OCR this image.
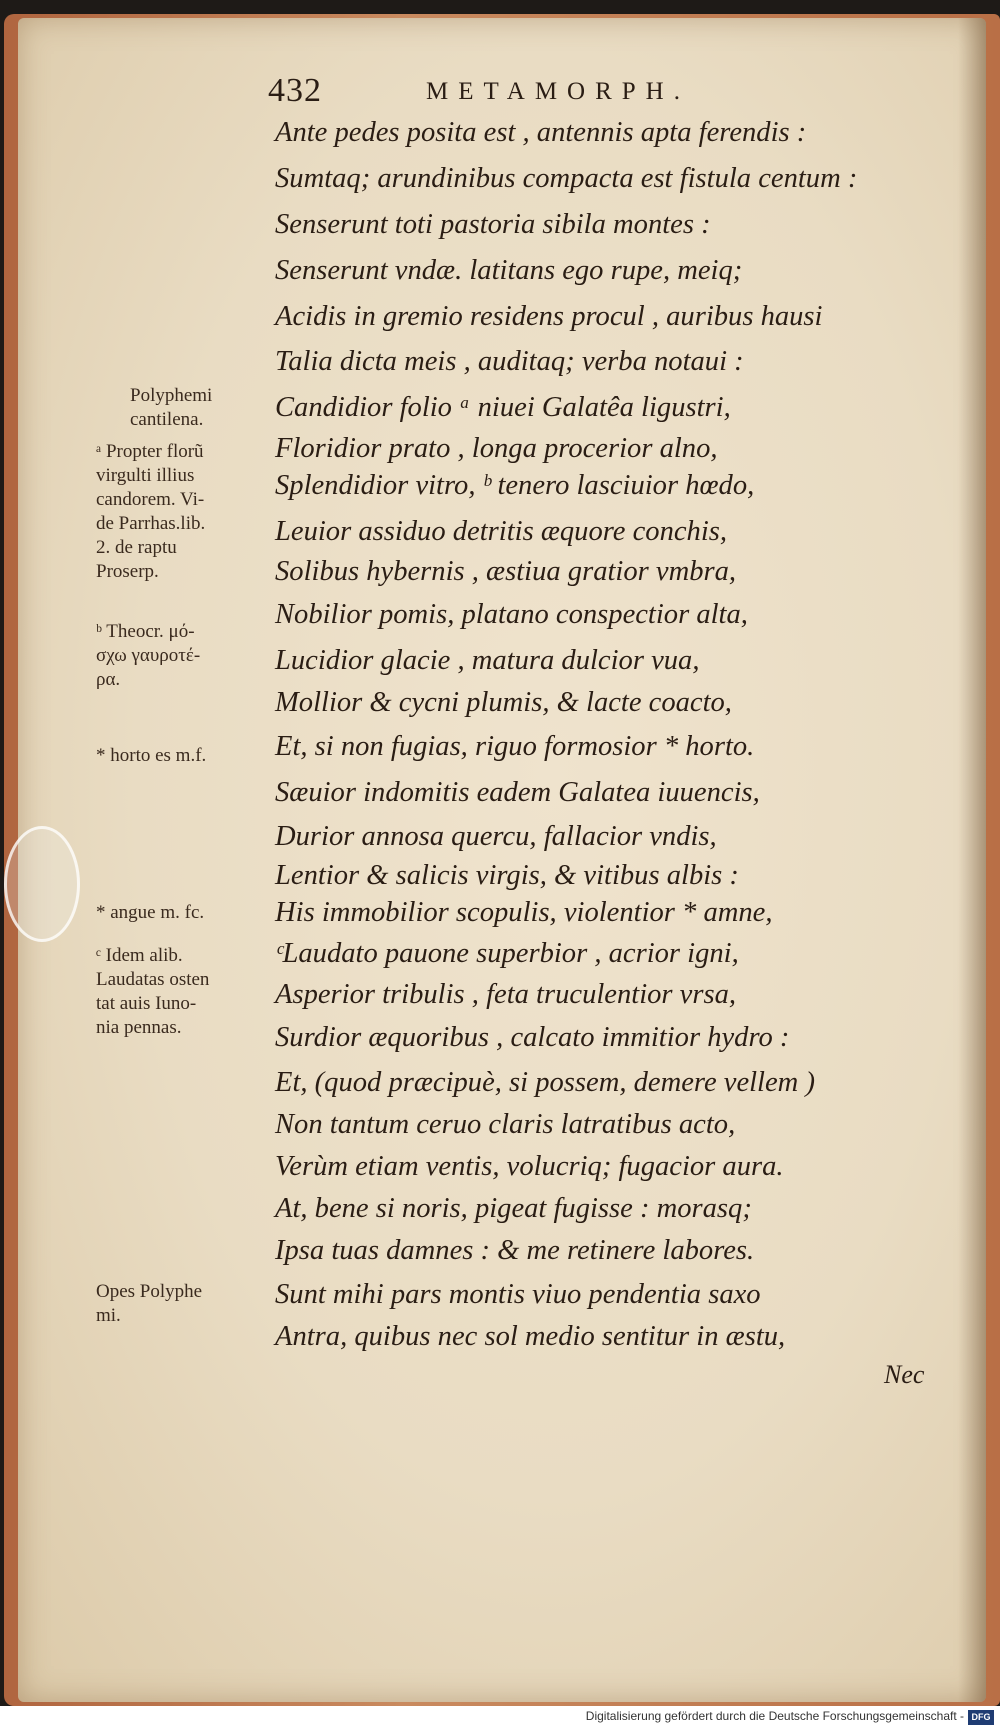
432	METAMORPH.
Ante pedes posita est , antennis apta ferendis :
Sumtaq; arundinibus compacta est fistula centum :
Senserunt toti pastoria sibila montes :
Senserunt vndæ. latitans ego rupe, meiq;
Acidis in gremio residens procul , auribus hausi
Talia dicta meis , auditaq; verba notaui :
Candidior folio ᵃ niuei Galatêa ligustri,
Floridior prato , longa procerior alno,
Splendidior vitro, ᵇ tenero lasciuior hœdo,
Leuior assiduo detritis æquore conchis,
Solibus hybernis , æstiua gratior vmbra,
Nobilior pomis, platano conspectior alta,
Lucidior glacie , matura dulcior vua,
Mollior & cycni plumis, & lacte coacto,
Et, si non fugias, riguo formosior * horto.
Sæuior indomitis eadem Galatea iuuencis,
Durior annosa quercu, fallacior vndis,
Lentior & salicis virgis, & vitibus albis :
His immobilior scopulis, violentior * amne,
ᶜLaudato pauone superbior , acrior igni,
Asperior tribulis , feta truculentior vrsa,
Surdior æquoribus , calcato immitior hydro :
Et, (quod præcipuè, si possem, demere vellem )
Non tantum ceruo claris latratibus acto,
Verùm etiam ventis, volucriq; fugacior aura.
At, bene si noris, pigeat fugisse : morasq;
Ipsa tuas damnes : & me retinere labores.
Sunt mihi pars montis viuo pendentia saxo
Antra, quibus nec sol medio sentitur in æstu,
Polyphemi
cantilena.
ᵃ Propter florũ
virgulti illius
candorem. Vi-
de Parrhas.lib.
2. de raptu
Proserp.
ᵇ Theocr. μό-
σχω γαυροτέ-
ρα.
* horto es m.f.
* angue m. fc.
ᶜ Idem alib.
Laudatas osten
tat auis Iuno-
nia pennas.
Opes Polyphe
mi.
Nec
Digitalisierung gefördert durch die Deutsche Forschungsgemeinschaft - DFG
